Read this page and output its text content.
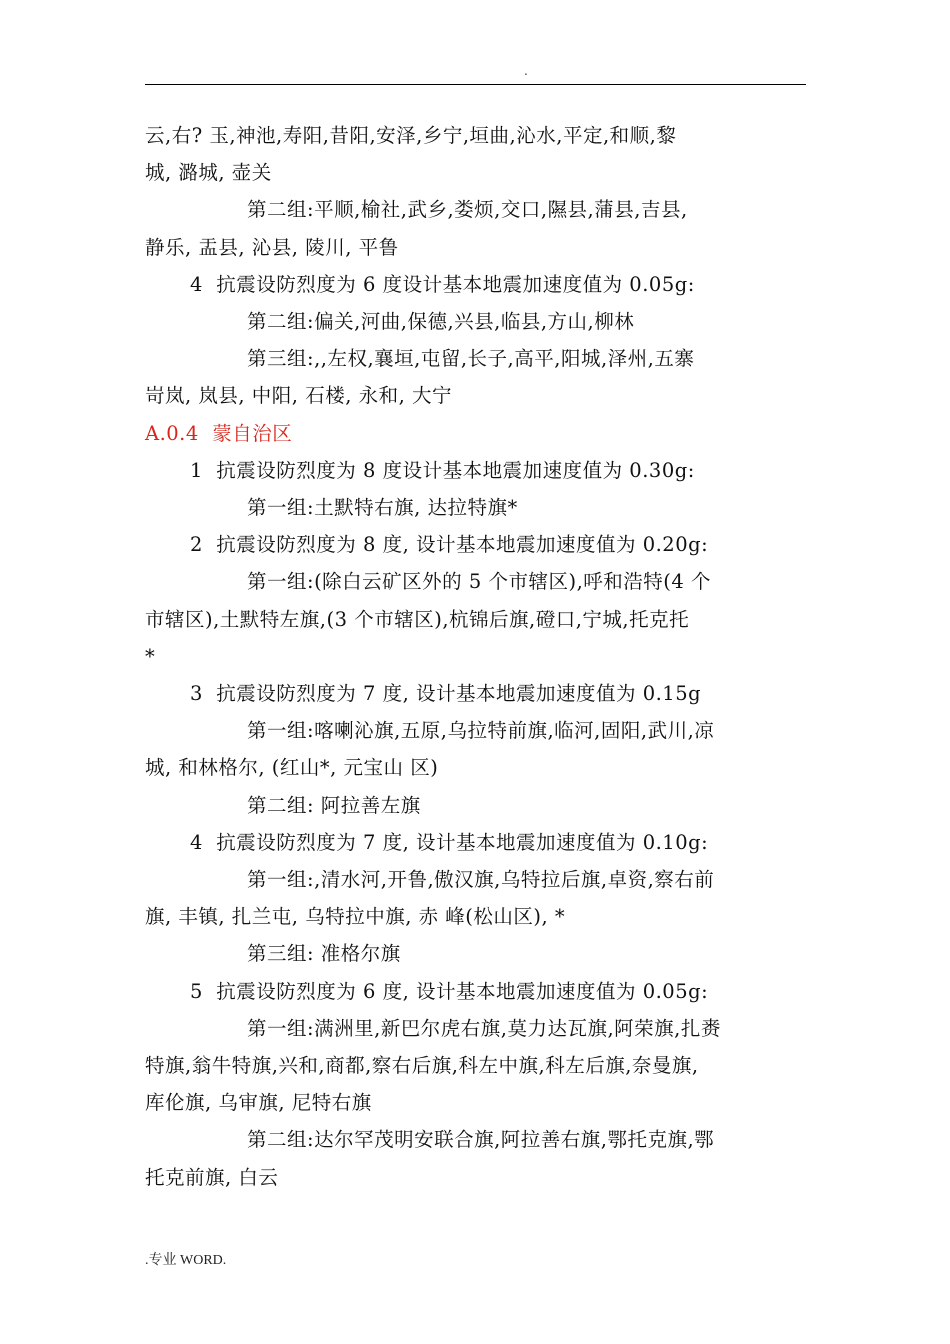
.
云,右? 玉,神池,寿阳,昔阳,安泽,乡宁,垣曲,沁水,平定,和顺,黎
城, 潞城, 壶关
第二组:平顺,榆社,武乡,娄烦,交口,隰县,蒲县,吉县,
静乐, 盂县, 沁县, 陵川, 平鲁
4  抗震设防烈度为 6 度设计基本地震加速度值为 0.05g:
第二组:偏关,河曲,保德,兴县,临县,方山,柳林
第三组:,,左权,襄垣,屯留,长子,高平,阳城,泽州,五寨
岢岚, 岚县, 中阳, 石楼, 永和, 大宁
A.0.4  蒙自治区
1  抗震设防烈度为 8 度设计基本地震加速度值为 0.30g:
第一组:土默特右旗, 达拉特旗*
2  抗震设防烈度为 8 度, 设计基本地震加速度值为 0.20g:
第一组:(除白云矿区外的 5 个市辖区),呼和浩特(4 个
市辖区),土默特左旗,(3 个市辖区),杭锦后旗,磴口,宁城,托克托
*
3  抗震设防烈度为 7 度, 设计基本地震加速度值为 0.15g
第一组:喀喇沁旗,五原,乌拉特前旗,临河,固阳,武川,凉
城, 和林格尔, (红山*, 元宝山 区)
第二组: 阿拉善左旗
4  抗震设防烈度为 7 度, 设计基本地震加速度值为 0.10g:
第一组:,清水河,开鲁,傲汉旗,乌特拉后旗,卓资,察右前
旗, 丰镇, 扎兰屯, 乌特拉中旗, 赤 峰(松山区), *
第三组: 准格尔旗
5  抗震设防烈度为 6 度, 设计基本地震加速度值为 0.05g:
第一组:满洲里,新巴尔虎右旗,莫力达瓦旗,阿荣旗,扎赉
特旗,翁牛特旗,兴和,商都,察右后旗,科左中旗,科左后旗,奈曼旗,
库伦旗, 乌审旗, 尼特右旗
第二组:达尔罕茂明安联合旗,阿拉善右旗,鄂托克旗,鄂
托克前旗, 白云
.专业 WORD.
